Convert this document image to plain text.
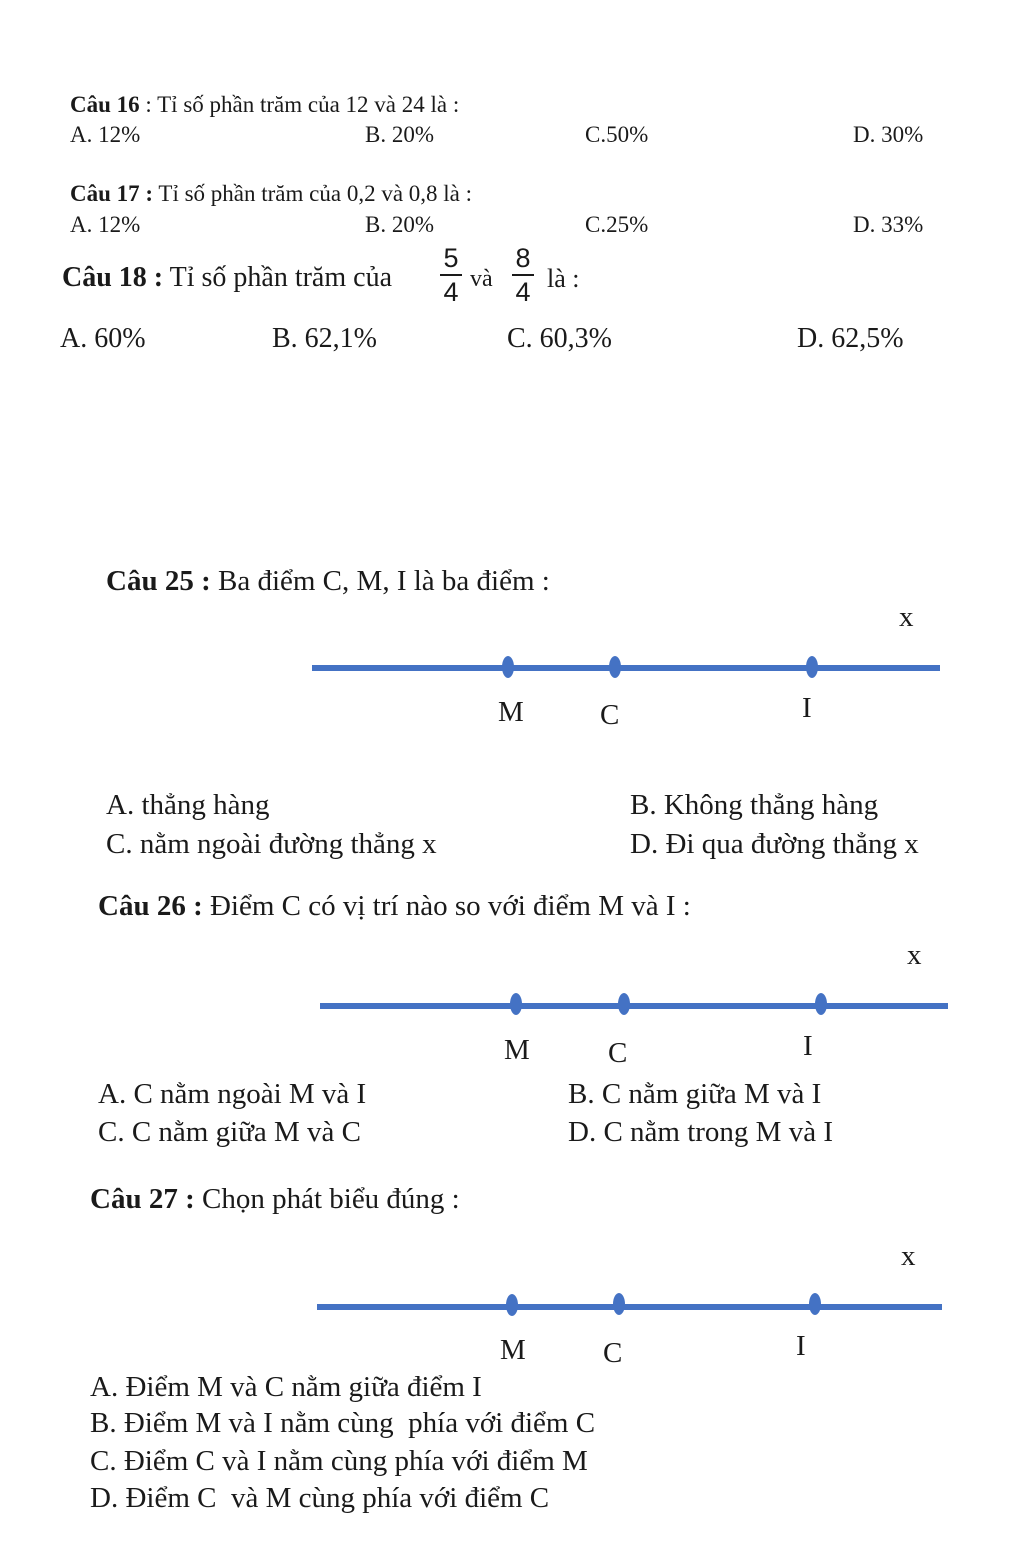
Câu 16 : Tỉ số phần trăm của 12 và 24 là :
A. 12%	B. 20%	C.50%	D. 30%
Câu 17 : Tỉ số phần trăm của 0,2 và 0,8 là :
A. 12%	B. 20%	C.25%	D. 33%
Câu 18 : Tỉ số phần trăm của
5
4 và
8
4 là :
A. 60%	B. 62,1%	C. 60,3%	D. 62,5%
Câu 25 : Ba điểm C, M, I là ba điểm :
x
M	C	I
A. thẳng hàng	B. Không thẳng hàng
C. nằm ngoài đường thẳng x	D. Đi qua đường thẳng x
Câu 26 : Điểm C có vị trí nào so với điểm M và I :
x
M	C	I
A. C nằm ngoài M và I	B. C nằm giữa M và I
C. C nằm giữa M và C	D. C nằm trong M và I
Câu 27 : Chọn phát biểu đúng :
x
M	C	I
A. Điểm M và C nằm giữa điểm I
B. Điểm M và I nằm cùng  phía với điểm C
C. Điểm C và I nằm cùng phía với điểm M
D. Điểm C  và M cùng phía với điểm C
